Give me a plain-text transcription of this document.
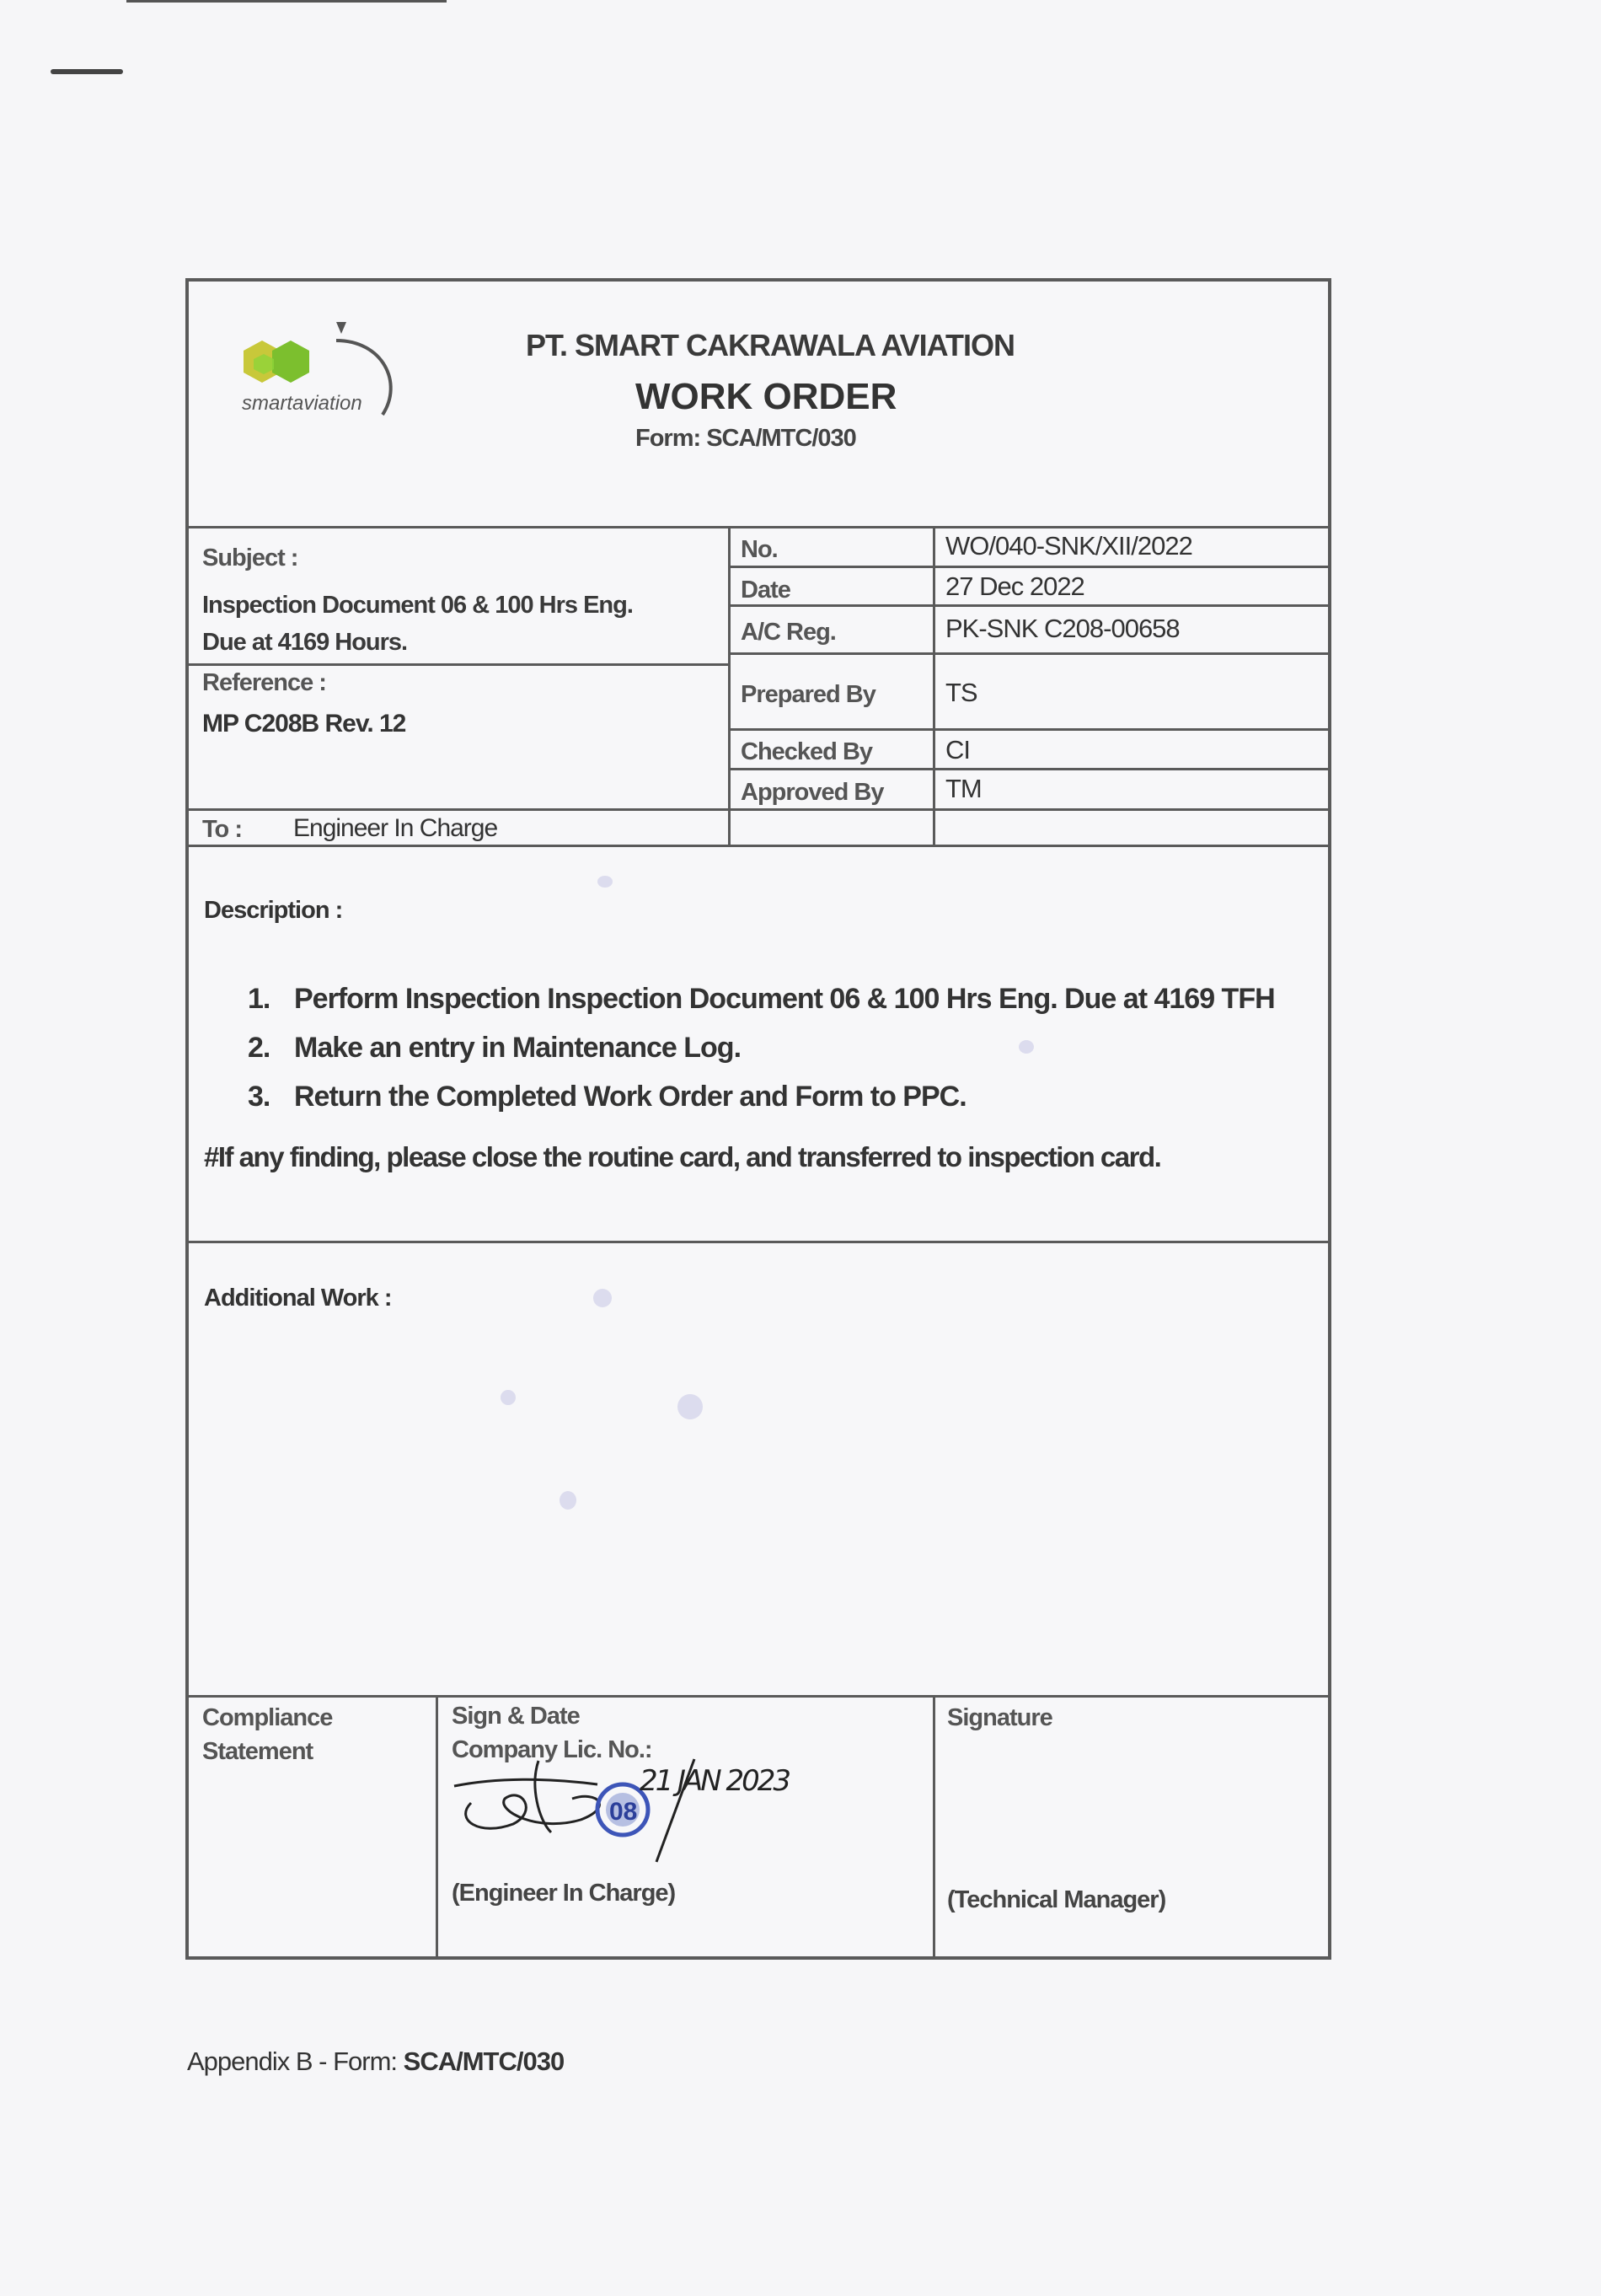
smartaviation
PT. SMART CAKRAWALA AVIATION
WORK ORDER
Form: SCA/MTC/030
Subject :
Inspection Document 06 & 100 Hrs Eng.
Due at 4169 Hours.
Reference :
MP C208B Rev. 12
No.	WO/040-SNK/XII/2022
Date	27 Dec 2022
A/C Reg.	PK-SNK C208-00658
Prepared By	TS
Checked By	CI
Approved By TM
To : Engineer In Charge
Description :
1. Perform Inspection Inspection Document 06 & 100 Hrs Eng. Due at 4169 TFH
2. Make an entry in Maintenance Log.
3. Return the Completed Work Order and Form to PPC.
#If any finding, please close the routine card, and transferred to inspection card.
Additional Work :
Compliance
Statement
Sign & Date
Company Lic. No.:
08
21 JAN 2023
(Engineer In Charge)
Signature
(Technical Manager)
Appendix B - Form: SCA/MTC/030
